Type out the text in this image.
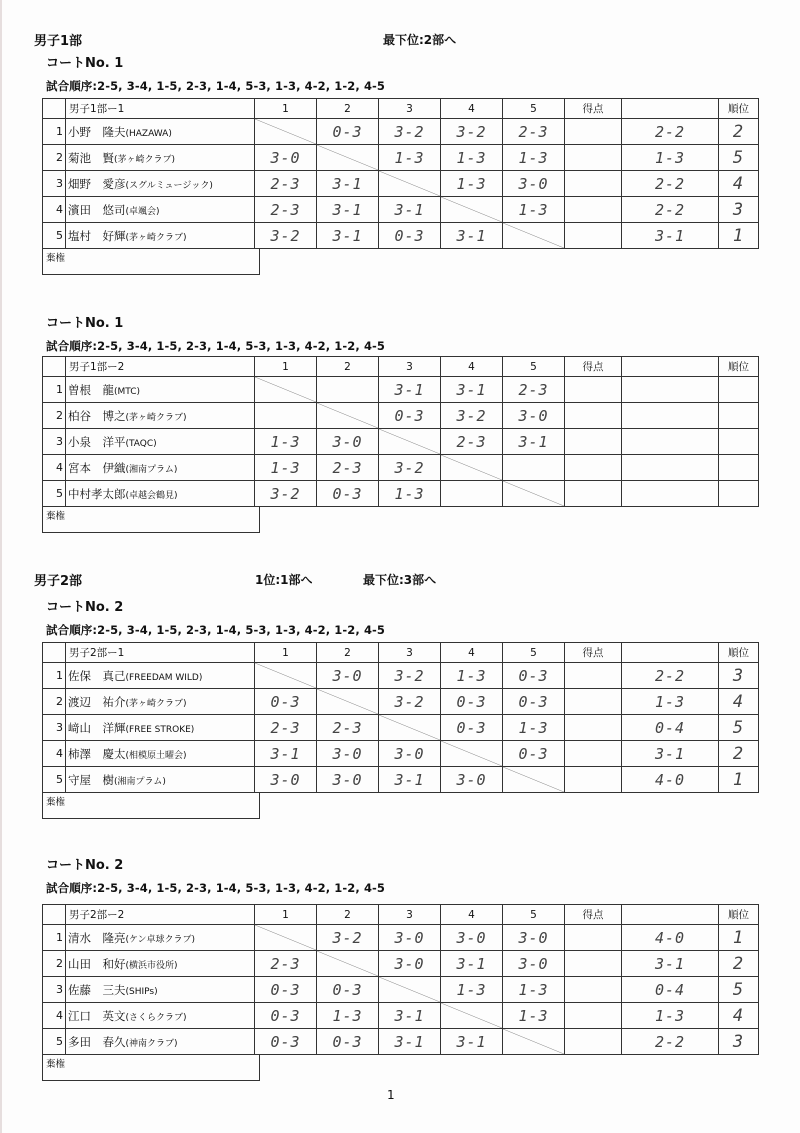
男子1部	最下位:2部へ
コートNo. 1
試合順序:2-5, 3-4, 1-5, 2-3, 1-4, 5-3, 1-3, 4-2, 1-2, 4-5
	男子1部ー1	1	2	3	4	5	得点		順位
1	小野　隆夫(HAZAWA)		0-3	3-2	3-2	2-3		2-2	2

2	菊池　賢(茅ヶ崎クラブ)	3-0		1-3	1-3	1-3		1-3	5

3	畑野　愛彦(スグルミュージック)	2-3	3-1		1-3	3-0		2-2	4

4	濱田　悠司(卓颯会)	2-3	3-1	3-1		1-3		2-2	3

5	塩村　好輝(茅ヶ崎クラブ)	3-2	3-1	0-3	3-1			3-1	1
棄権
コートNo. 1
試合順序:2-5, 3-4, 1-5, 2-3, 1-4, 5-3, 1-3, 4-2, 1-2, 4-5
	男子1部ー2	1	2	3	4	5	得点		順位
1	曽根　龍(MTC)			3-1	3-1	2-3			

2	柏谷　博之(茅ヶ崎クラブ)			0-3	3-2	3-0			

3	小泉　洋平(TAQC)	1-3	3-0		2-3	3-1			

4	宮本　伊織(湘南プラム)	1-3	2-3	3-2

5	中村孝太郎(卓越会鶴見)	3-2	0-3	1-3

棄権
コートNo. 2
試合順序:2-5, 3-4, 1-5, 2-3, 1-4, 5-3, 1-3, 4-2, 1-2, 4-5
	男子2部ー1	1	2	3	4	5	得点		順位
1	佐保　真己(FREEDAM WILD)		3-0	3-2	1-3	0-3		2-2	3

2	渡辺　祐介(茅ヶ崎クラブ)	0-3		3-2	0-3	0-3		1-3	4

3	﨑山　洋輝(FREE STROKE)	2-3	2-3		0-3	1-3		0-4	5

4	柿澤　慶太(相模原土曜会)	3-1	3-0	3-0		0-3		3-1	2

5	守屋　樹(湘南プラム)	3-0	3-0	3-1	3-0			4-0	1
棄権
コートNo. 2
試合順序:2-5, 3-4, 1-5, 2-3, 1-4, 5-3, 1-3, 4-2, 1-2, 4-5
	男子2部ー2	1	2	3	4	5	得点		順位
1	清水　隆亮(ケン卓球クラブ)		3-2	3-0	3-0	3-0		4-0	1

2	山田　和好(横浜市役所)	2-3		3-0	3-1	3-0		3-1	2

3	佐藤　三夫(SHIPs)	0-3	0-3		1-3	1-3		0-4	5

4	江口　英文(さくらクラブ)	0-3	1-3	3-1		1-3		1-3	4

5	多田　春久(神南クラブ)	0-3	0-3	3-1	3-1			2-2	3
棄権
男子2部	1位:1部へ	最下位:3部へ
1
